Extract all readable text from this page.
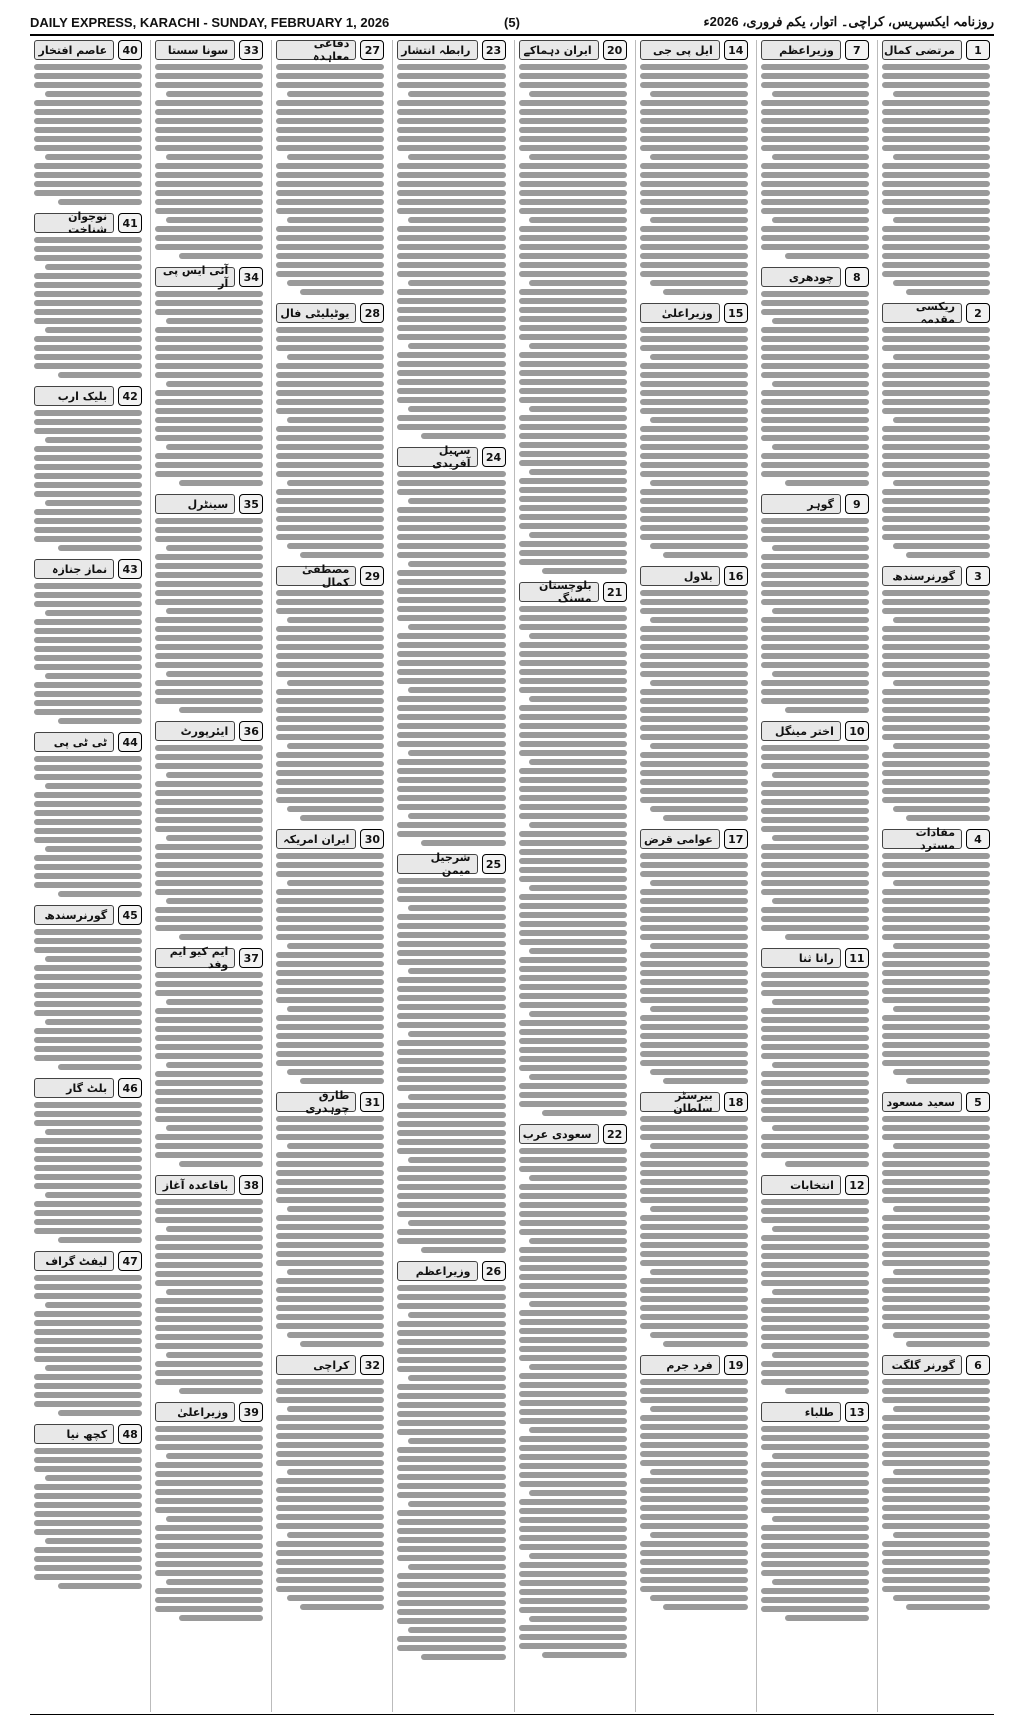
DAILY EXPRESS, KARACHI - SUNDAY, FEBRUARY 1, 2026	(5)	روزنامہ ایکسپریس، کراچی۔ اتوار، یکم فروری، 2026ء
1
مرتضی کمال
2
ریکسی مقدمہ
3
گورنرسندھ
4
مفادات مسترد
5
سعید مسعود
6
گورنر گلگت
7
وزیراعظم
8
چودھری
9
گوہر
10
اختر مینگل
11
رانا ثنا
12
انتخابات
13
طلباء
14
ایل پی جی
15
وزیراعلیٰ
16
بلاول
17
عوامی قرض
18
بیرسٹر سلطان
19
فرد جرم
20
ایران دہماکے
21
بلوچستان مسنگ
22
سعودی عرب
23
رابطہ انتشار
24
سہیل آفریدی
25
شرجیل میمن
26
وزیراعظم
27
دفاعی معاہدہ
28
یوٹیلیٹی فال
29
مصطفیٰ کمال
30
ایران امریکہ
31
طارق چوہدری
32
کراچی
33
سونا سستا
34
آئی ایس پی آر
35
سینٹرل
36
ایئرپورٹ
37
ایم کیو ایم وفد
38
باقاعدہ آغاز
39
وزیراعلیٰ
40
عاصم افتخار
41
نوجوان شناخت
42
بلیک ارب
43
نماز جنازہ
44
ٹی ٹی پی
45
گورنرسندھ
46
بلٹ گار
47
لیفٹ گراف
48
کچھ نیا
